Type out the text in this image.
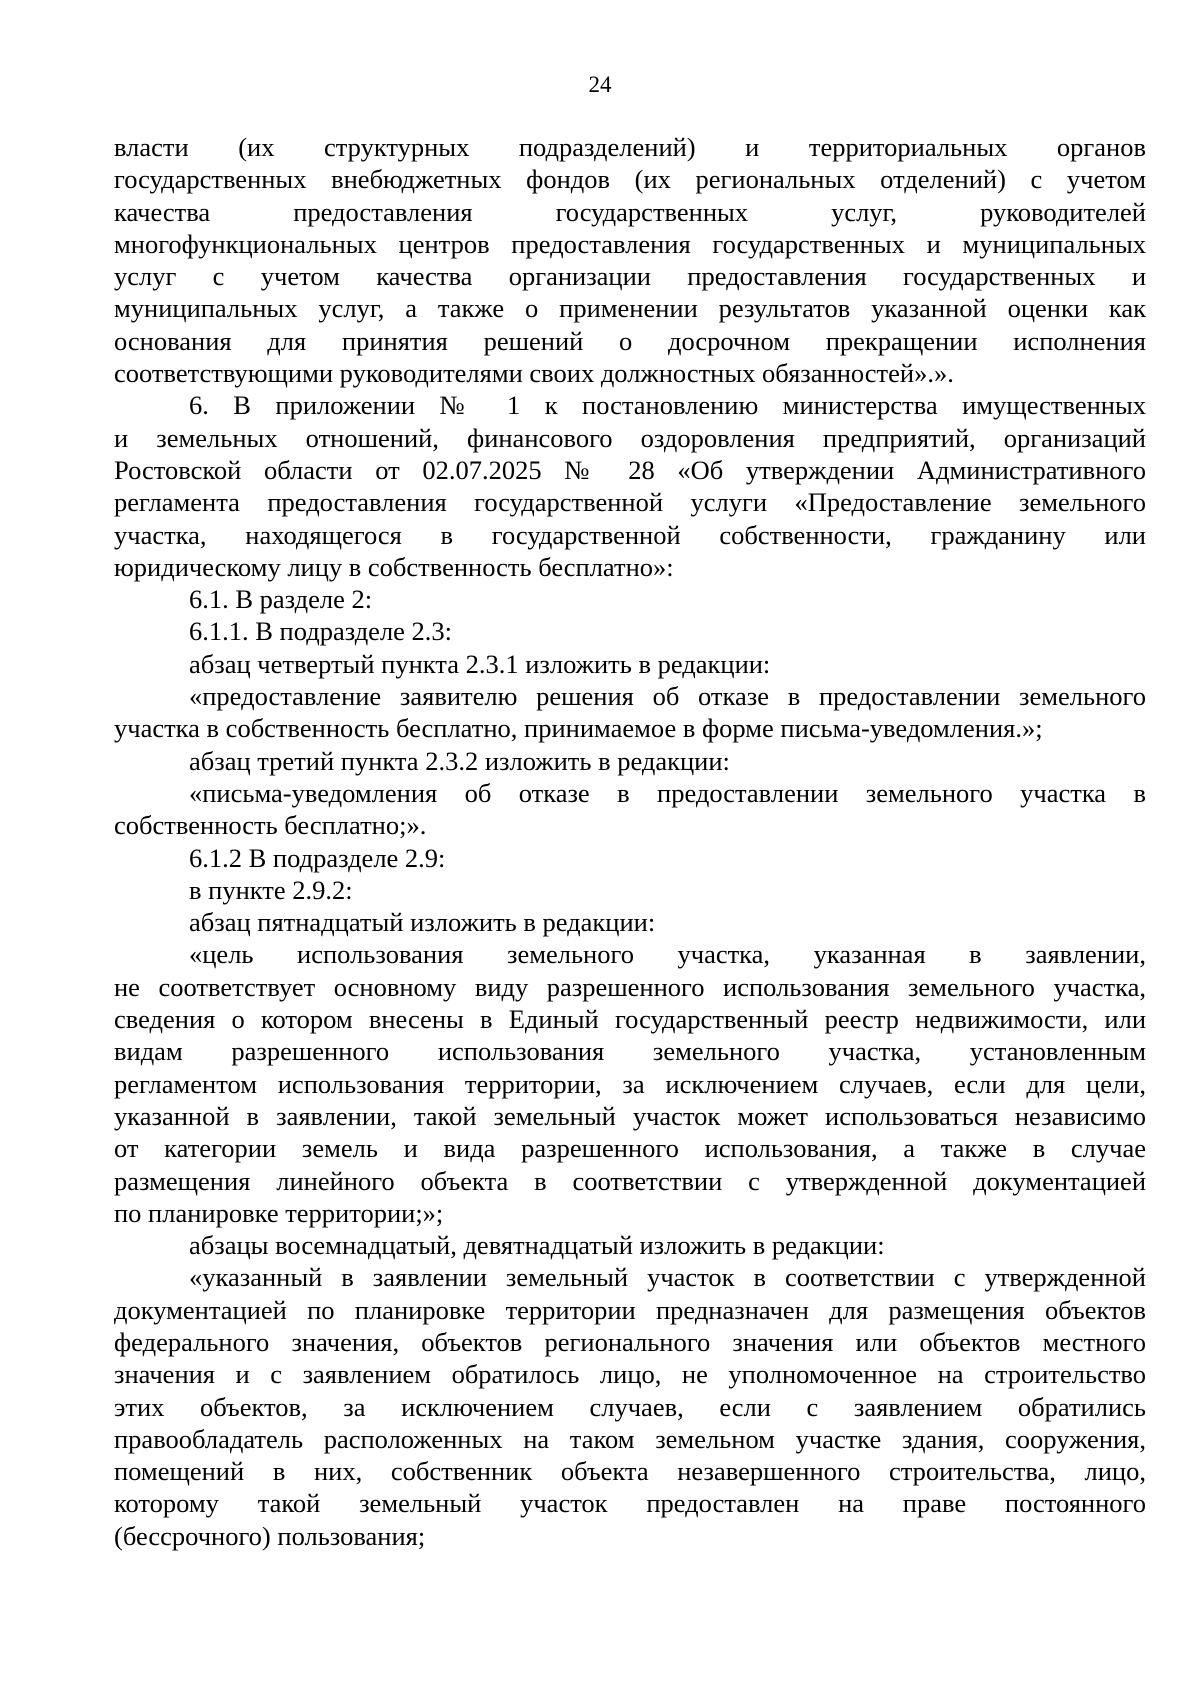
24
власти (их структурных подразделений) и территориальных органов
государственных внебюджетных фондов (их региональных отделений) с учетом
качества предоставления государственных услуг, руководителей
многофункциональных центров предоставления государственных и муниципальных
услуг с учетом качества организации предоставления государственных и
муниципальных услуг, а также о применении результатов указанной оценки как
основания для принятия решений о досрочном прекращении исполнения
соответствующими руководителями своих должностных обязанностей».».
6. В приложении № 1 к постановлению министерства имущественных
и земельных отношений, финансового оздоровления предприятий, организаций
Ростовской области от 02.07.2025 № 28 «Об утверждении Административного
регламента предоставления государственной услуги «Предоставление земельного
участка, находящегося в государственной собственности, гражданину или
юридическому лицу в собственность бесплатно»:
6.1. В разделе 2:
6.1.1. В подразделе 2.3:
абзац четвертый пункта 2.3.1 изложить в редакции:
«предоставление заявителю решения об отказе в предоставлении земельного
участка в собственность бесплатно, принимаемое в форме письма-уведомления.»;
абзац третий пункта 2.3.2 изложить в редакции:
«письма-уведомления об отказе в предоставлении земельного участка в
собственность бесплатно;».
6.1.2 В подразделе 2.9:
в пункте 2.9.2:
абзац пятнадцатый изложить в редакции:
«цель использования земельного участка, указанная в заявлении,
не соответствует основному виду разрешенного использования земельного участка,
сведения о котором внесены в Единый государственный реестр недвижимости, или
видам разрешенного использования земельного участка, установленным
регламентом использования территории, за исключением случаев, если для цели,
указанной в заявлении, такой земельный участок может использоваться независимо
от категории земель и вида разрешенного использования, а также в случае
размещения линейного объекта в соответствии с утвержденной документацией
по планировке территории;»;
абзацы восемнадцатый, девятнадцатый изложить в редакции:
«указанный в заявлении земельный участок в соответствии с утвержденной
документацией по планировке территории предназначен для размещения объектов
федерального значения, объектов регионального значения или объектов местного
значения и с заявлением обратилось лицо, не уполномоченное на строительство
этих объектов, за исключением случаев, если с заявлением обратились
правообладатель расположенных на таком земельном участке здания, сооружения,
помещений в них, собственник объекта незавершенного строительства, лицо,
которому такой земельный участок предоставлен на праве постоянного
(бессрочного) пользования;
